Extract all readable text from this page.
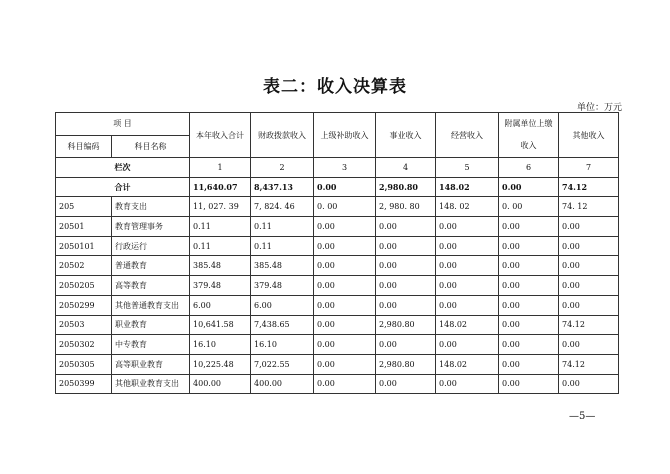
表二：收入决算表
单位：万元
项 目		本年收入合计	财政拨款收入	上级补助收入	事业收入	经营收入	附属单位上缴收入	其他收入
科目编码	科目名称							
栏次		1	2	3	4	5	6	7
合计		11,640.07	8,437.13	0.00	2,980.80	148.02	0.00	74.12
205	教育支出	11, 027. 39	7, 824. 46	0. 00	2, 980. 80	148. 02	0. 00	74. 12
20501	教育管理事务	0.11	0.11	0.00	0.00	0.00	0.00	0.00
2050101	行政运行	0.11	0.11	0.00	0.00	0.00	0.00	0.00
20502	普通教育	385.48	385.48	0.00	0.00	0.00	0.00	0.00
2050205	高等教育	379.48	379.48	0.00	0.00	0.00	0.00	0.00
2050299	其他普通教育支出	6.00	6.00	0.00	0.00	0.00	0.00	0.00
20503	职业教育	10,641.58	7,438.65	0.00	2,980.80	148.02	0.00	74.12
2050302	中专教育	16.10	16.10	0.00	0.00	0.00	0.00	0.00
2050305	高等职业教育	10,225.48	7,022.55	0.00	2,980.80	148.02	0.00	74.12
2050399	其他职业教育支出	400.00	400.00	0.00	0.00	0.00	0.00	0.00
—5—
